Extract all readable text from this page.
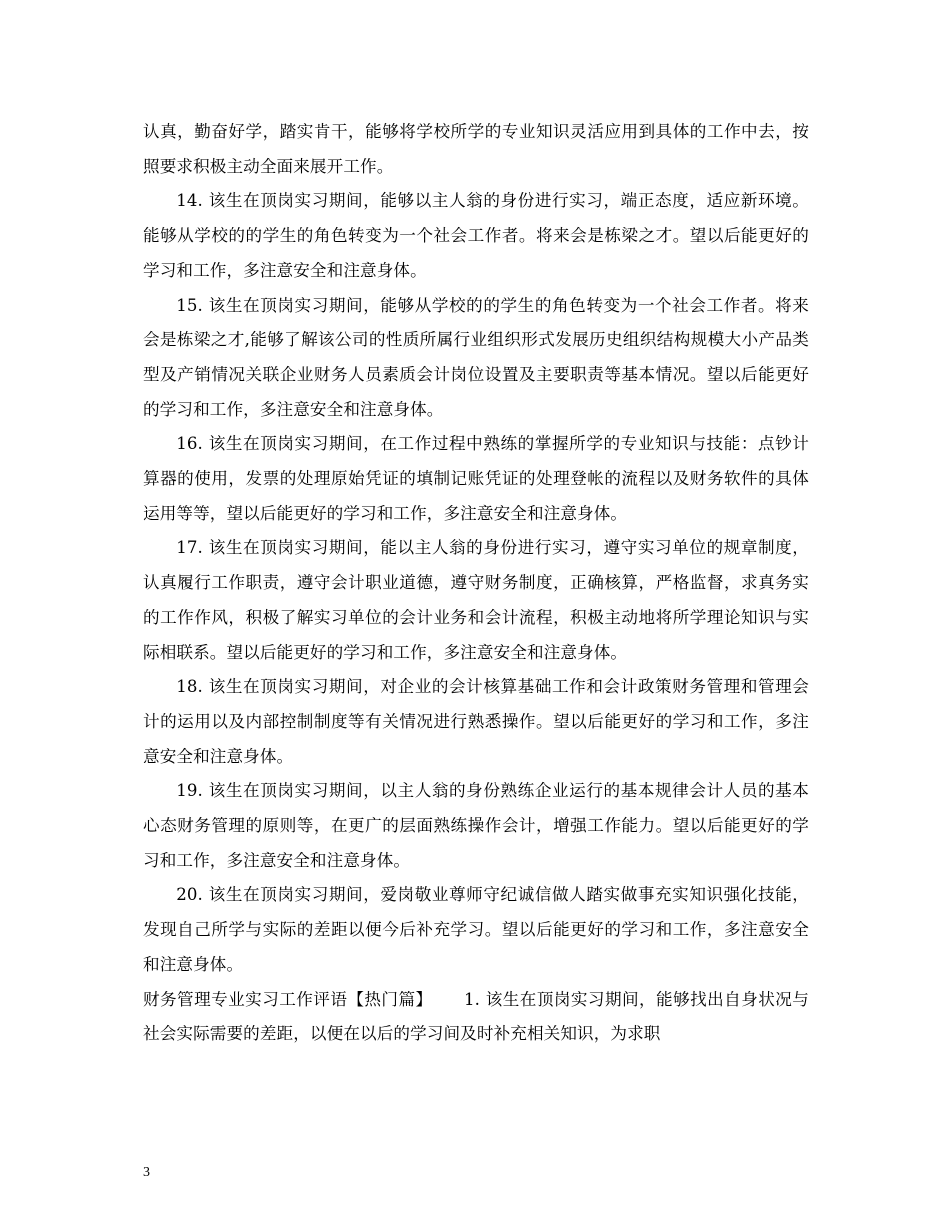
认真，勤奋好学，踏实肯干，能够将学校所学的专业知识灵活应用到具体的工作中去，按照要求积极主动全面来展开工作。

14. 该生在顶岗实习期间，能够以主人翁的身份进行实习，端正态度，适应新环境。能够从学校的的学生的角色转变为一个社会工作者。将来会是栋梁之才。望以后能更好的学习和工作，多注意安全和注意身体。

15. 该生在顶岗实习期间，能够从学校的的学生的角色转变为一个社会工作者。将来会是栋梁之才,能够了解该公司的性质所属行业组织形式发展历史组织结构规模大小产品类型及产销情况关联企业财务人员素质会计岗位设置及主要职责等基本情况。望以后能更好的学习和工作，多注意安全和注意身体。

16. 该生在顶岗实习期间，在工作过程中熟练的掌握所学的专业知识与技能：点钞计算器的使用，发票的处理原始凭证的填制记账凭证的处理登帐的流程以及财务软件的具体运用等等，望以后能更好的学习和工作，多注意安全和注意身体。

17. 该生在顶岗实习期间，能以主人翁的身份进行实习，遵守实习单位的规章制度，认真履行工作职责，遵守会计职业道德，遵守财务制度，正确核算，严格监督，求真务实的工作作风，积极了解实习单位的会计业务和会计流程，积极主动地将所学理论知识与实际相联系。望以后能更好的学习和工作，多注意安全和注意身体。

18. 该生在顶岗实习期间，对企业的会计核算基础工作和会计政策财务管理和管理会计的运用以及内部控制制度等有关情况进行熟悉操作。望以后能更好的学习和工作，多注意安全和注意身体。

19. 该生在顶岗实习期间，以主人翁的身份熟练企业运行的基本规律会计人员的基本心态财务管理的原则等，在更广的层面熟练操作会计，增强工作能力。望以后能更好的学习和工作，多注意安全和注意身体。

20. 该生在顶岗实习期间，爱岗敬业尊师守纪诚信做人踏实做事充实知识强化技能，发现自己所学与实际的差距以便今后补充学习。望以后能更好的学习和工作，多注意安全和注意身体。

财务管理专业实习工作评语【热门篇】　　 1. 该生在顶岗实习期间，能够找出自身状况与社会实际需要的差距，以便在以后的学习间及时补充相关知识，为求职

3
